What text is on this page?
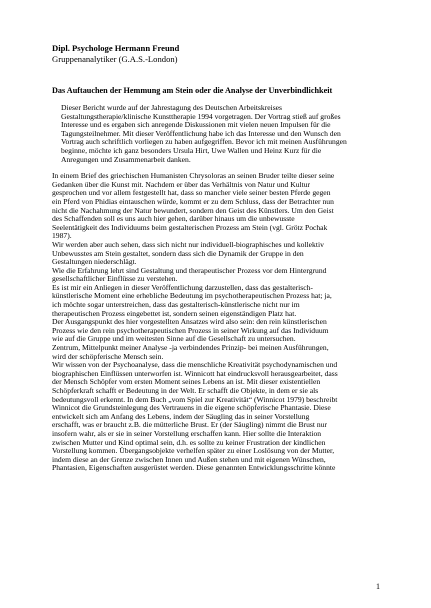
Dipl. Psychologe Hermann Freund
Gruppenanalytiker (G.A.S.-London)
Das Auftauchen der Hemmung am Stein oder die Analyse der Unverbindlichkeit

Dieser Bericht wurde auf der Jahrestagung des Deutschen Arbeitskreises
Gestaltungstherapie/klinische Kunsttherapie 1994 vorgetragen. Der Vortrag stieß auf großes
Interesse und es ergaben sich anregende Diskussionen mit vielen neuen Impulsen für die
Tagungsteilnehmer. Mit dieser Veröffentlichung habe ich das Interesse und den Wunsch den
Vortrag auch schriftlich vorliegen zu haben aufgegriffen. Bevor ich mit meinen Ausführungen
beginne, möchte ich ganz besonders Ursula Hirt, Uwe Wallen und Heinz Kurz für die
Anregungen und Zusammenarbeit danken.

In einem Brief des griechischen Humanisten Chrysoloras an seinen Bruder teilte dieser seine
Gedanken über die Kunst mit. Nachdem er über das Verhältnis von Natur und Kultur
gesprochen und vor allem festgestellt hat, dass so mancher viele seiner besten Pferde gegen
ein Pferd von Phidias eintauschen würde, kommt er zu dem Schluss, dass der Betrachter nun
nicht die Nachahmung der Natur bewundert, sondern den Geist des Künstlers. Um den Geist
des Schaffenden soll es uns auch hier gehen, darüber hinaus um die unbewusste
Seelentätigkeit des Individuums beim gestalterischen Prozess am Stein (vgl. Grötz Pochak
1987).

Wir werden aber auch sehen, dass sich nicht nur individuell-biographisches und kollektiv
Unbewusstes am Stein gestaltet, sondern dass sich die Dynamik der Gruppe in den
Gestaltungen niederschlägt.

Wie die Erfahrung lehrt sind Gestaltung und therapeutischer Prozess vor dem Hintergrund
gesellschaftlicher Einflüsse zu verstehen.

Es ist mir ein Anliegen in dieser Veröffentlichung darzustellen, dass das gestalterisch-
künstlerische Moment eine erhebliche Bedeutung im psychotherapeutischen Prozess hat; ja,
ich möchte sogar unterstreichen, dass das gestalterisch-künstlerische nicht nur im
therapeutischen Prozess eingebettet ist, sondern seinen eigenständigen Platz hat.

Der Ausgangspunkt des hier vorgestellten Ansatzes wird also sein: den rein künstlerischen
Prozess wie den rein psychotherapeutischen Prozess in seiner Wirkung auf das Individuum
wie auf die Gruppe und im weitesten Sinne auf die Gesellschaft zu untersuchen.

Zentrum, Mittelpunkt meiner Analyse -ja verbindendes Prinzip- bei meinen Ausführungen,
wird der schöpferische Mensch sein.

Wir wissen von der Psychoanalyse, dass die menschliche Kreativität psychodynamischen und
biographischen Einflüssen unterworfen ist. Winnicott hat eindrucksvoll herausgearbeitet, dass
der Mensch Schöpfer vom ersten Moment seines Lebens an ist. Mit dieser existentiellen
Schöpferkraft schafft er Bedeutung in der Welt. Er schafft die Objekte, in dem er sie als
bedeutungsvoll erkennt. In dem Buch „vom Spiel zur Kreativität“ (Winnicot 1979) beschreibt
Winnicot die Grundsteinlegung des Vertrauens in die eigene schöpferische Phantasie. Diese
entwickelt sich am Anfang des Lebens, indem der Säugling das in seiner Vorstellung
erschafft, was er braucht z.B. die mütterliche Brust. Er (der Säugling) nimmt die Brust nur
insofern wahr, als er sie in seiner Vorstellung erschaffen kann. Hier sollte die Interaktion
zwischen Mutter und Kind optimal sein, d.h. es sollte zu keiner Frustration der kindlichen
Vorstellung kommen. Übergangsobjekte verhelfen später zu einer Loslösung von der Mutter,
indem diese an der Grenze zwischen Innen und Außen stehen und mit eigenen Wünschen,
Phantasien, Eigenschaften ausgerüstet werden. Diese genannten Entwicklungsschritte könnte

1
